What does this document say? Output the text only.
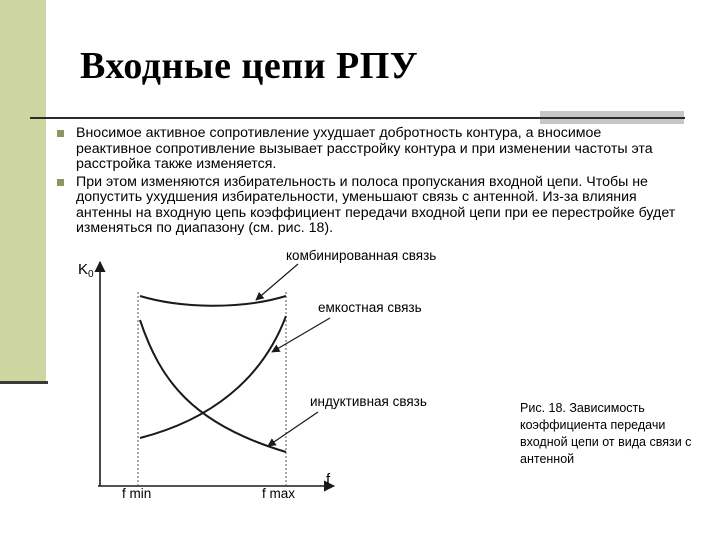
Входные цепи РПУ
Вносимое активное сопротивление ухудшает добротность контура, а вносимое реактивное сопротивление вызывает расстройку контура и при изменении частоты эта расстройка также изменяется.
При этом изменяются избирательность и полоса пропускания входной цепи. Чтобы не допустить ухудшения избирательности, уменьшают связь с антенной. Из-за влияния антенны на входную цепь коэффициент передачи входной цепи при ее перестройке будет изменяться по диапазону (см. рис. 18).
комбинированная связь
емкостная связь
индуктивная связь
$K_0$
f
f min	f max

Рис. 18. Зависимость коэффициента передачи входной цепи от вида связи с антенной
